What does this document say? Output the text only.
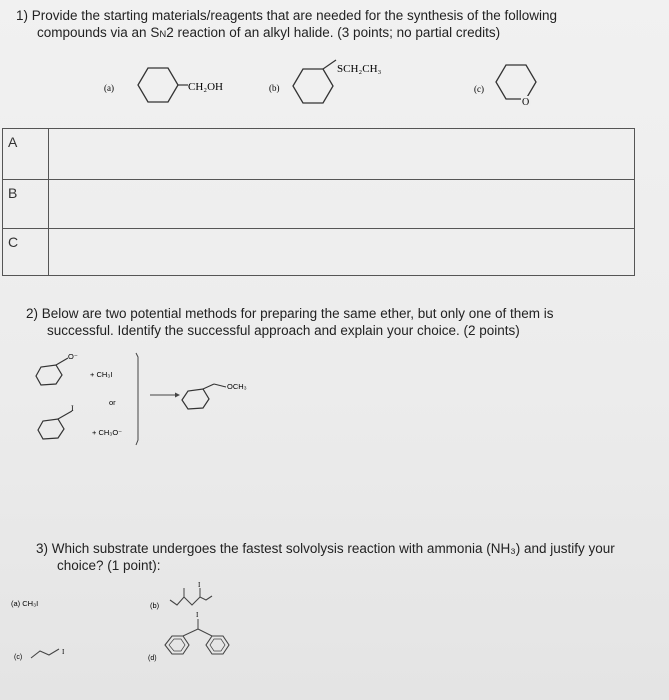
1) Provide the starting materials/reagents that are needed for the synthesis of the following
compounds via an SN2 reaction of an alkyl halide. (3 points; no partial credits)
(a)	CH₂OH	(b)
SCH₂CH₃
(c)
O
A
B
C
2) Below are two potential methods for preparing the same ether, but only one of them is
successful. Identify the successful approach and explain your choice. (2 points)
O⁻
+ CH₃I
or
I
+ CH₃O⁻
OCH₃
3) Which substrate undergoes the fastest solvolysis reaction with ammonia (NH₃) and justify your
choice? (1 point):
(a) CH₃I	(b)
I
(c)
I
(d)
I
